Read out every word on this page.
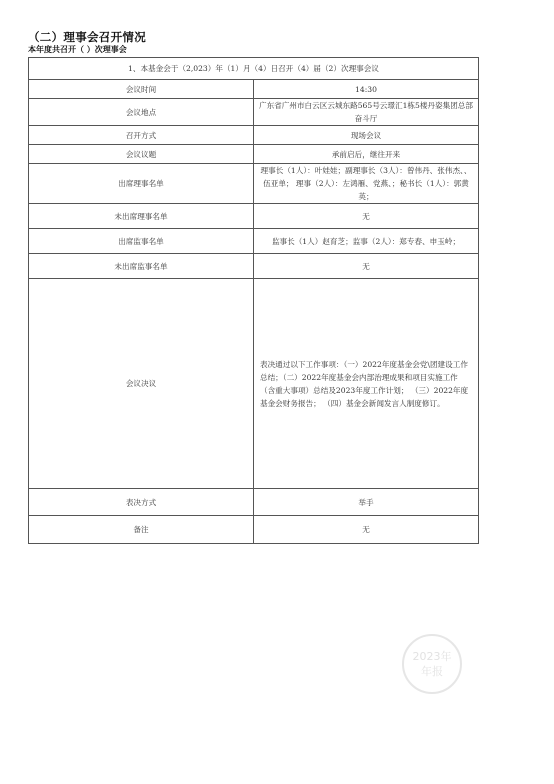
（二）理事会召开情况
本年度共召开（ ）次理事会
1、本基金会于（2,023）年（1）月（4）日召开（4）届（2）次理事会议	
会议时间	14:30
会议地点	广东省广州市白云区云城东路565号云璟汇1栋5楼丹姿集团总部奋斗厅
召开方式	现场会议
会议议题	承前启后，继往开来
出席理事名单	理事长（1人）：叶娃娃；副理事长（3人）：曾伟丹、张伟杰、、伍亚单； 理事（2人）：左鸿雁、党燕、；秘书长（1人）：郭黄英；
未出席理事名单	无
出席监事名单	监事长（1人）赵育芝；监事（2人）：郑专春、申玉岭；
未出席监事名单	无
会议决议	表决通过以下工作事项：（一）2022年度基金会党\团建设工作总结；（二）2022年度基金会内部治理成果和项目实施工作（含重大事项）总结及2023年度工作计划； （三）2022年度基金会财务报告； （四）基金会新闻发言人制度修订。
表决方式	举手
备注	无
2023年
年报
